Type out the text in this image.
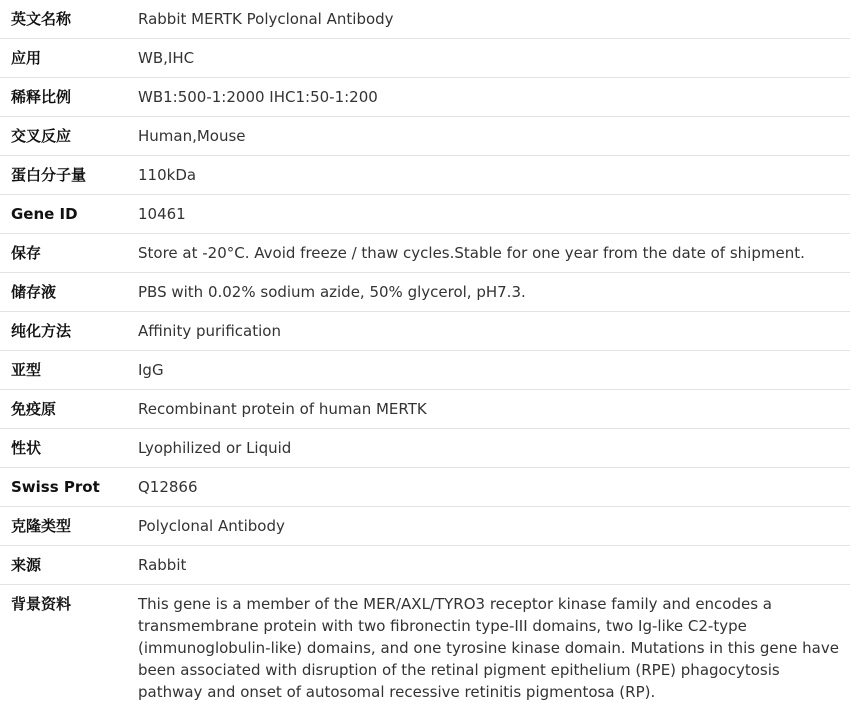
英文名称	Rabbit MERTK Polyclonal Antibody
应用	WB,IHC
稀释比例	WB1:500-1:2000 IHC1:50-1:200
交叉反应	Human,Mouse
蛋白分子量	110kDa
Gene ID	10461
保存	Store at -20°C. Avoid freeze / thaw cycles.Stable for one year from the date of shipment.
储存液	PBS with 0.02% sodium azide, 50% glycerol, pH7.3.
纯化方法	Affinity purification
亚型	IgG
免疫原	Recombinant protein of human MERTK
性状	Lyophilized or Liquid
Swiss Prot	Q12866
克隆类型	Polyclonal Antibody
来源	Rabbit
背景资料	This gene is a member of the MER/AXL/TYRO3 receptor kinase family and encodes a transmembrane protein with two fibronectin type-III domains, two Ig-like C2-type (immunoglobulin-like) domains, and one tyrosine kinase domain. Mutations in this gene have been associated with disruption of the retinal pigment epithelium (RPE) phagocytosis pathway and onset of autosomal recessive retinitis pigmentosa (RP).
